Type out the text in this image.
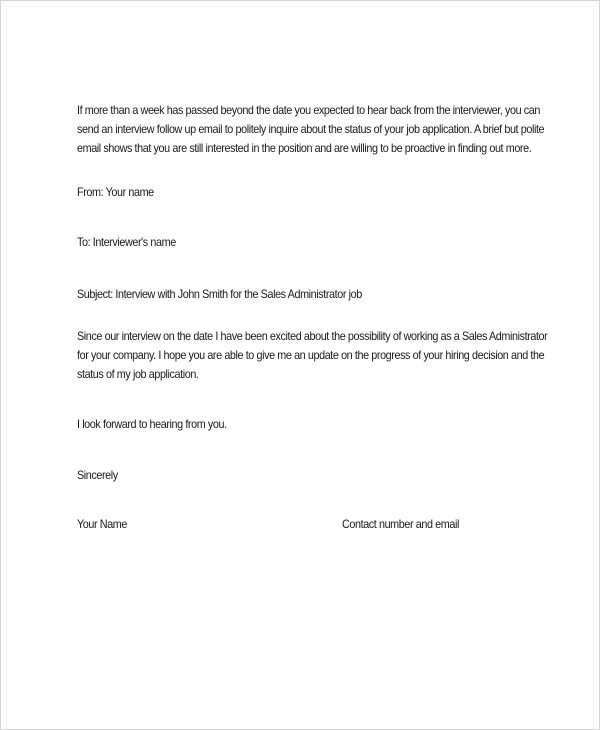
If more than a week has passed beyond the date you expected to hear back from the interviewer, you can
send an interview follow up email to politely inquire about the status of your job application. A brief but polite
email shows that you are still interested in the position and are willing to be proactive in finding out more.
From: Your name
To: Interviewer's name
Subject: Interview with John Smith for the Sales Administrator job
Since our interview on the date I have been excited about the possibility of working as a Sales Administrator
for your company. I hope you are able to give me an update on the progress of your hiring decision and the
status of my job application.
I look forward to hearing from you.
Sincerely
Your Name	Contact number and email
